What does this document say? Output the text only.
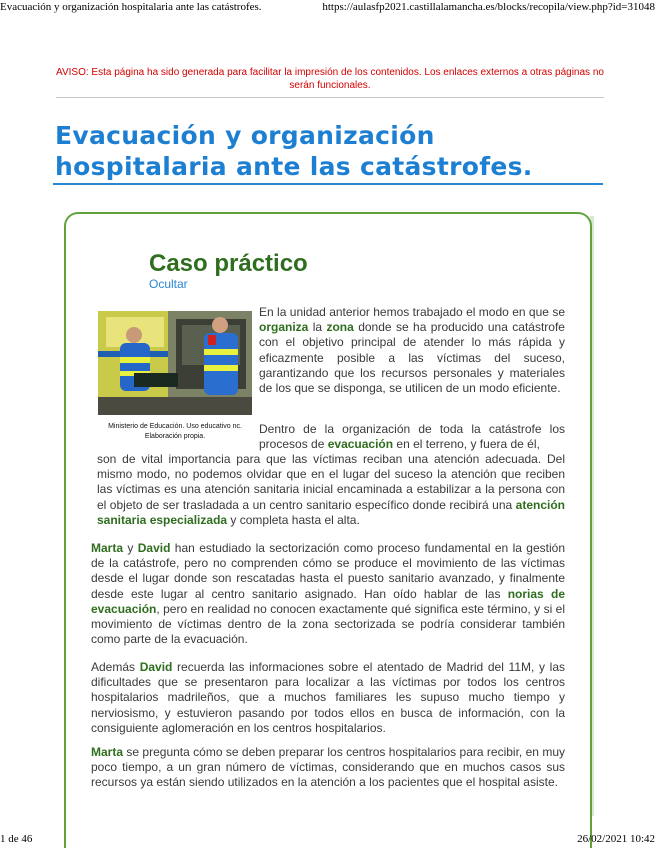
Evacuación y organización hospitalaria ante las catástrofes.	https://aulasfp2021.castillalamancha.es/blocks/recopila/view.php?id=31048
AVISO: Esta página ha sido generada para facilitar la impresión de los contenidos. Los enlaces externos a otras páginas no serán funcionales.
Evacuación y organización hospitalaria ante las catástrofes.
Caso práctico
Ocultar
Ministerio de Educación. Uso educativo nc. Elaboración propia.

En la unidad anterior hemos trabajado el modo en que se organiza la zona donde se ha producido una catástrofe con el objetivo principal de atender lo más rápida y eficazmente posible a las víctimas del suceso, garantizando que los recursos personales y materiales de los que se disponga, se utilicen de un modo eficiente.

Dentro de la organización de toda la catástrofe los procesos de evacuación en el terreno, y fuera de él,

son de vital importancia para que las víctimas reciban una atención adecuada. Del mismo modo, no podemos olvidar que en el lugar del suceso la atención que reciben las víctimas es una atención sanitaria inicial encaminada a estabilizar a la persona con el objeto de ser trasladada a un centro sanitario específico donde recibirá una atención sanitaria especializada y completa hasta el alta.

Marta y David han estudiado la sectorización como proceso fundamental en la gestión de la catástrofe, pero no comprenden cómo se produce el movimiento de las víctimas desde el lugar donde son rescatadas hasta el puesto sanitario avanzado, y finalmente desde este lugar al centro sanitario asignado. Han oído hablar de las norias de evacuación, pero en realidad no conocen exactamente qué significa este término, y si el movimiento de víctimas dentro de la zona sectorizada se podría considerar también como parte de la evacuación.

Además David recuerda las informaciones sobre el atentado de Madrid del 11M, y las dificultades que se presentaron para localizar a las víctimas por todos los centros hospitalarios madrileños, que a muchos familiares les supuso mucho tiempo y nerviosismo, y estuvieron pasando por todos ellos en busca de información, con la consiguiente aglomeración en los centros hospitalarios.

Marta se pregunta cómo se deben preparar los centros hospitalarios para recibir, en muy poco tiempo, a un gran número de víctimas, considerando que en muchos casos sus recursos ya están siendo utilizados en la atención a los pacientes que el hospital asiste.

1 de 46	26/02/2021 10:42
